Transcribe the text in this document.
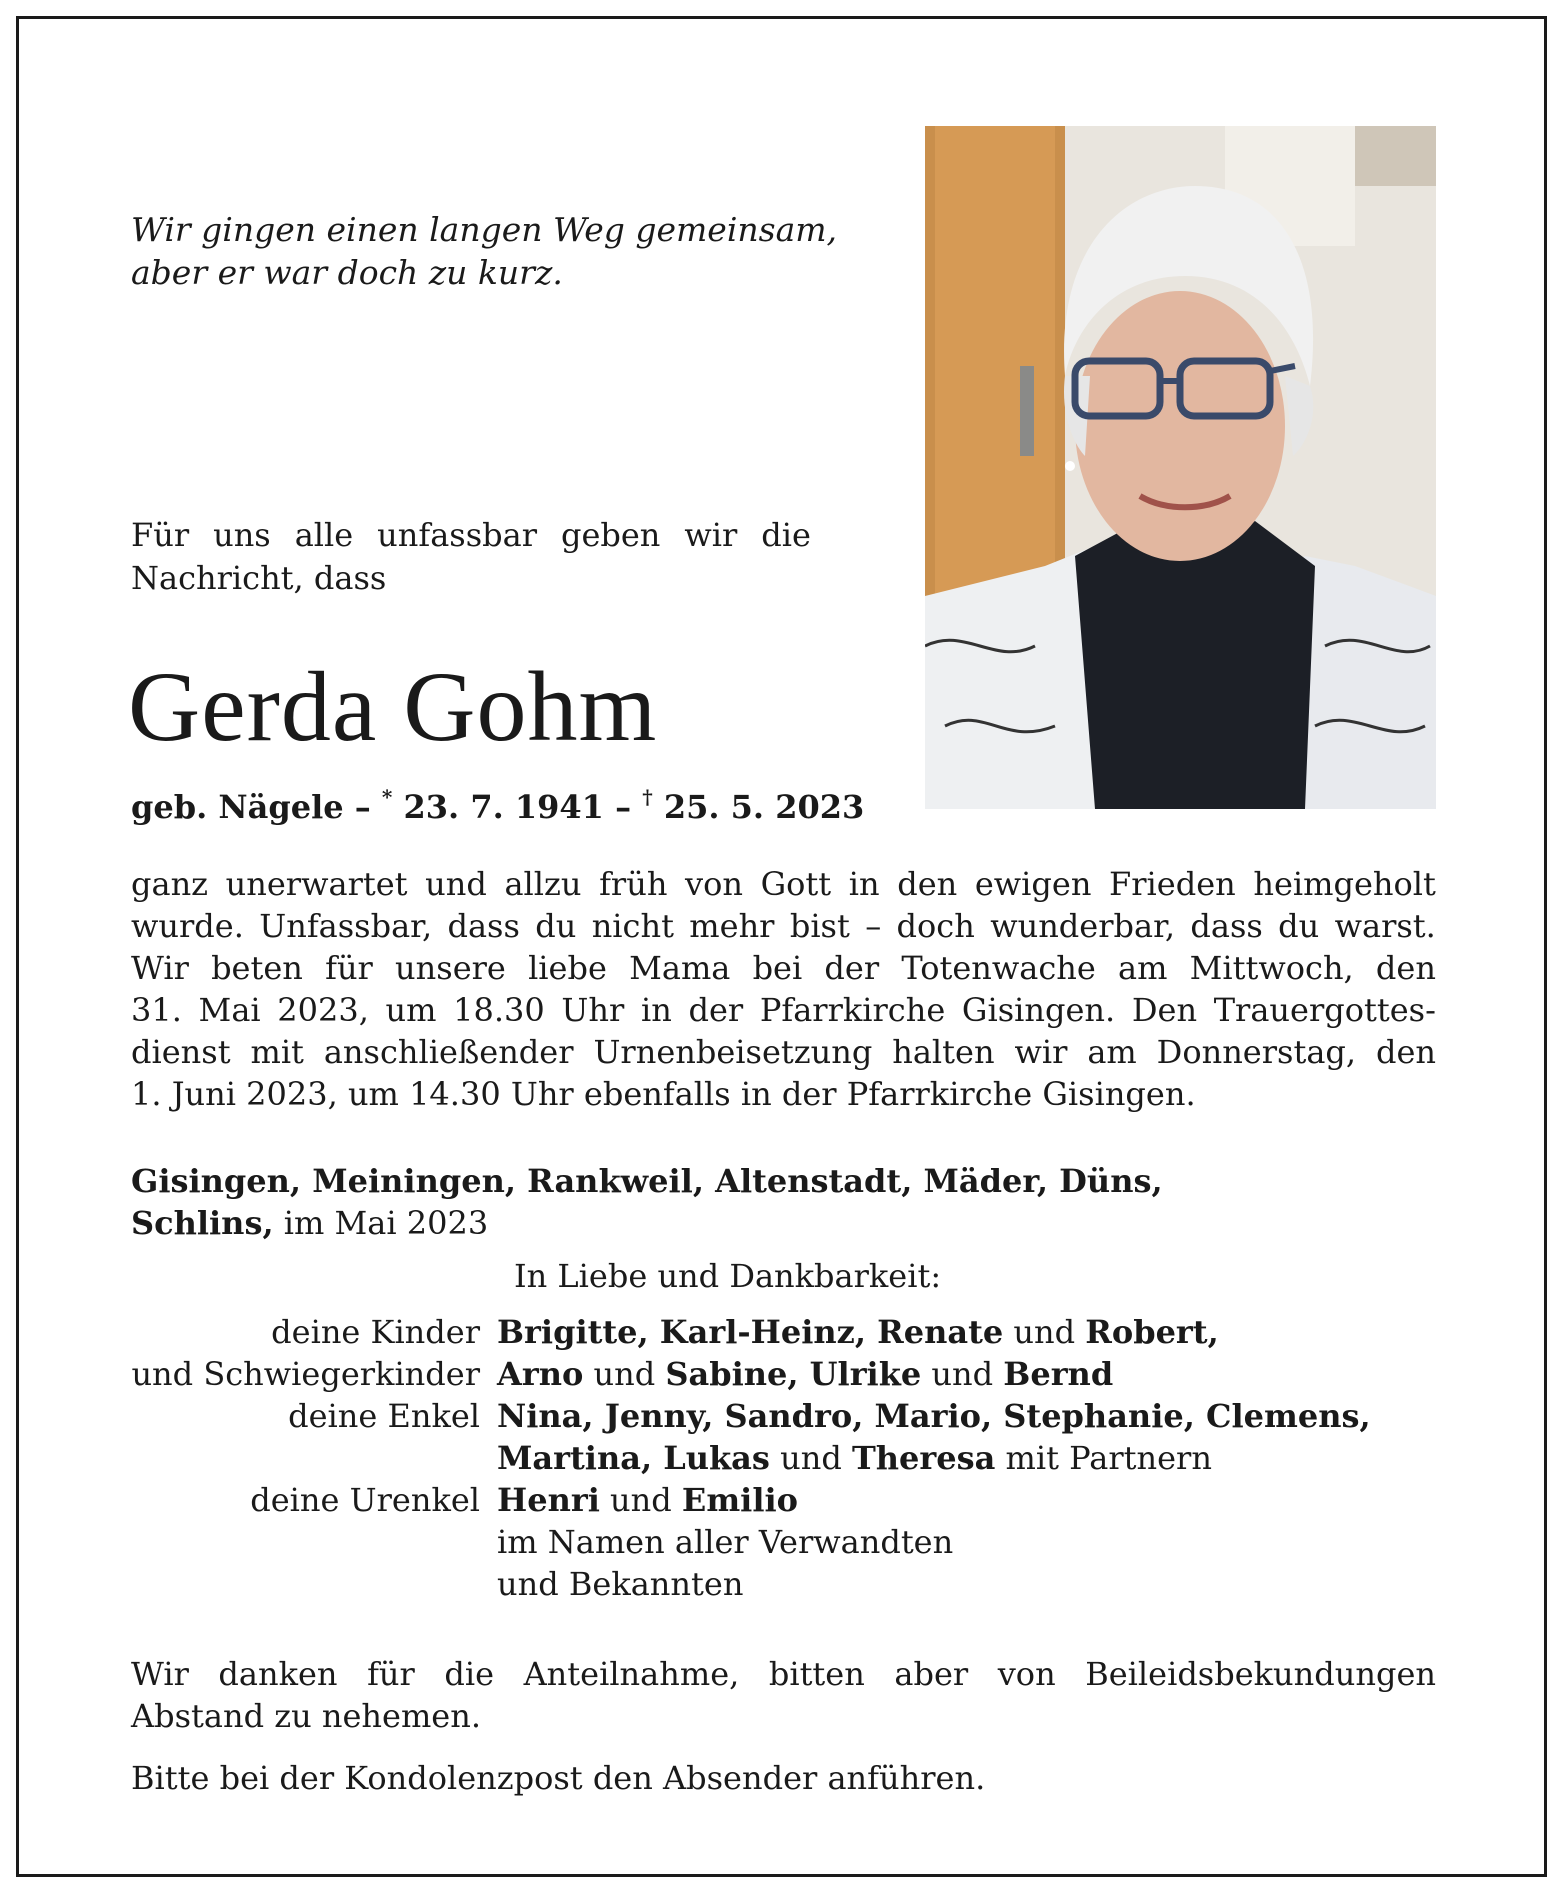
Wir gingen einen langen Weg gemeinsam,
aber er war doch zu kurz.
Für uns alle unfassbar geben wir die
Nachricht, dass
Gerda Gohm
geb. Nägele – * 23. 7. 1941 – † 25. 5. 2023
ganz unerwartet und allzu früh von Gott in den ewigen Frieden heimgeholt
wurde. Unfassbar, dass du nicht mehr bist – doch wunderbar, dass du warst.
Wir beten für unsere liebe Mama bei der Totenwache am Mittwoch, den
31. Mai 2023, um 18.30 Uhr in der Pfarrkirche Gisingen. Den Trauergottes-
dienst mit anschließender Urnenbeisetzung halten wir am Donnerstag, den
1. Juni 2023, um 14.30 Uhr ebenfalls in der Pfarrkirche Gisingen.
Gisingen, Meiningen, Rankweil, Altenstadt, Mäder, Düns,
Schlins, im Mai 2023
In Liebe und Dankbarkeit:
deine Kinder Brigitte, Karl-Heinz, Renate und Robert,
und Schwiegerkinder Arno und Sabine, Ulrike und Bernd
deine Enkel Nina, Jenny, Sandro, Mario, Stephanie, Clemens,
Martina, Lukas und Theresa mit Partnern
deine Urenkel Henri und Emilio
im Namen aller Verwandten
und Bekannten
Wir danken für die Anteilnahme, bitten aber von Beileidsbekundungen
Abstand zu nehemen.
Bitte bei der Kondolenzpost den Absender anführen.
